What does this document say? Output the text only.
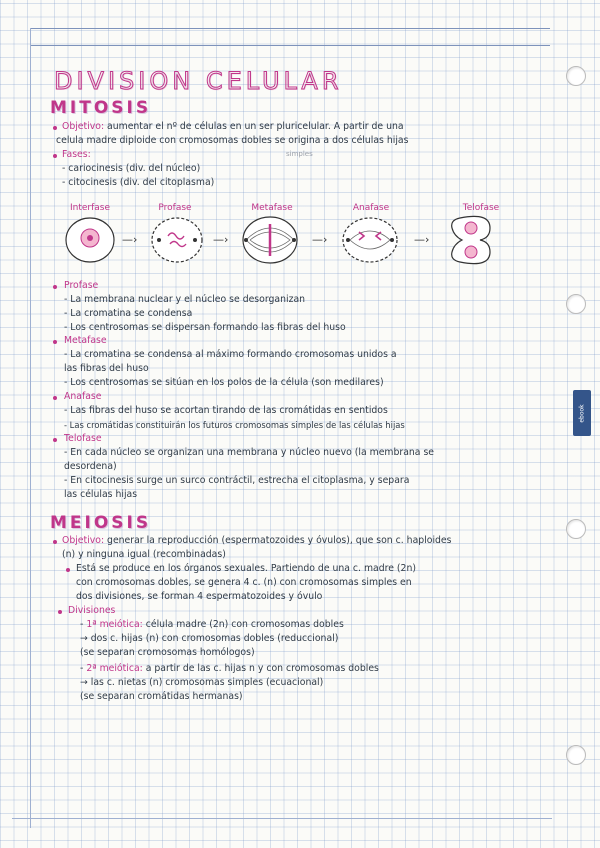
ebook
DIVISION CELULAR
MITOSIS
Objetivo: aumentar el nº de células en un ser pluricelular. A partir de una
celula madre diploide con cromosomas dobles se origina a dos células hijas
simples
Fases:
- cariocinesis (div. del núcleo)
- citocinesis (div. del citoplasma)
Interfase	Profase	Metafase	Anafase	Telofase
—›	—›	—›	—›
Profase
- La membrana nuclear y el núcleo se desorganizan
- La cromatina se condensa
- Los centrosomas se dispersan formando las fibras del huso
Metafase
- La cromatina se condensa al máximo formando cromosomas unidos a
las fibras del huso
- Los centrosomas se sitúan en los polos de la célula (son medilares)
Anafase
- Las fibras del huso se acortan tirando de las cromátidas en sentidos
- Las cromátidas constituirán los futuros cromosomas simples de las células hijas
Telofase
- En cada núcleo se organizan una membrana y núcleo nuevo (la membrana se
desordena)
- En citocinesis surge un surco contráctil, estrecha el citoplasma, y separa
las células hijas
MEIOSIS
Objetivo: generar la reproducción (espermatozoides y óvulos), que son c. haploides
(n) y ninguna igual (recombinadas)
Está se produce en los órganos sexuales. Partiendo de una c. madre (2n)
con cromosomas dobles, se genera 4 c. (n) con cromosomas simples en
dos divisiones, se forman 4 espermatozoides y óvulo
Divisiones
- 1ª meiótica: célula madre (2n) con cromosomas dobles
→ dos c. hijas (n) con cromosomas dobles (reduccional)
(se separan cromosomas homólogos)
- 2ª meiótica: a partir de las c. hijas n y con cromosomas dobles
→ las c. nietas (n) cromosomas simples (ecuacional)
(se separan cromátidas hermanas)
